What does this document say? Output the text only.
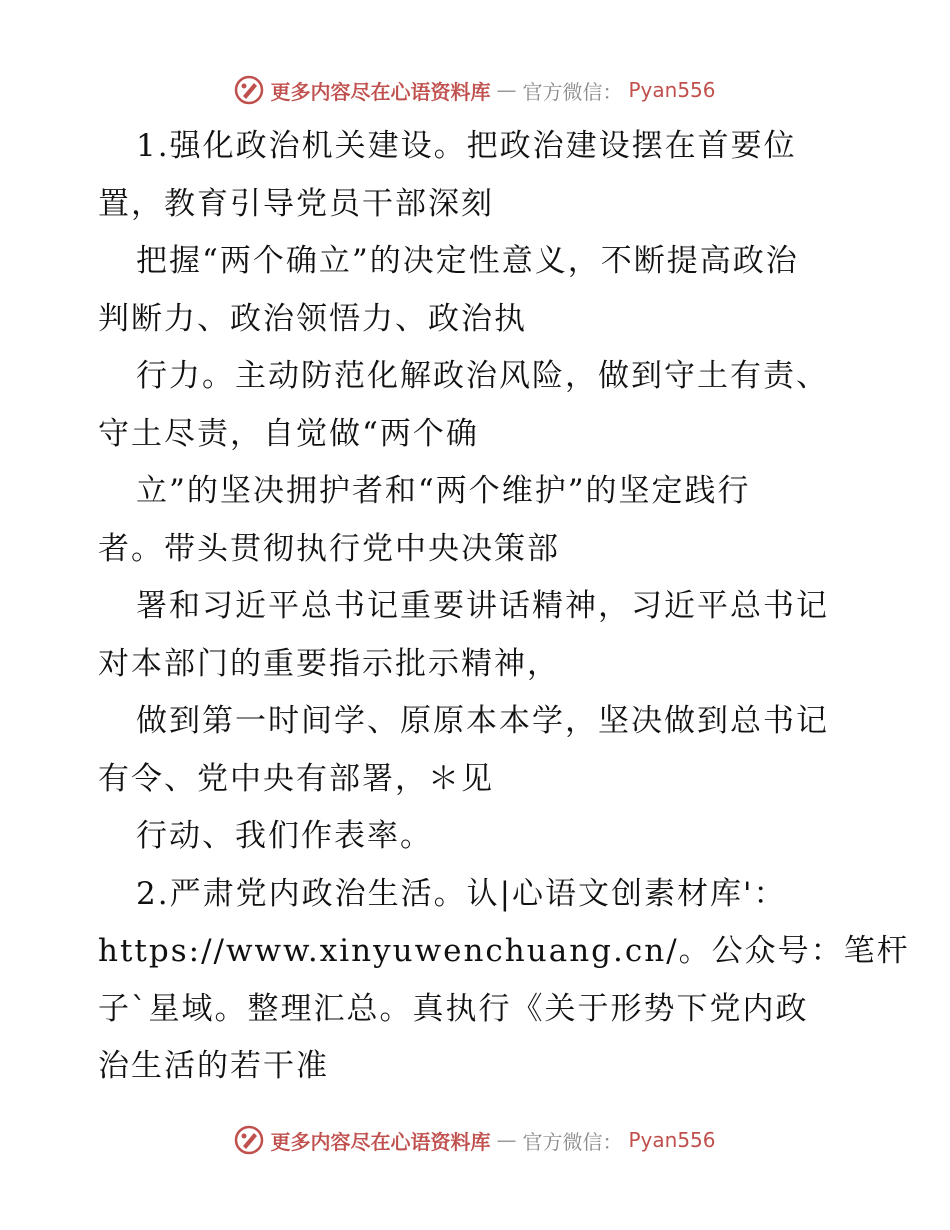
更多内容尽在心语资料库 — 官方微信： Pyan556
1.强化政治机关建设。把政治建设摆在首要位
置，教育引导党员干部深刻
把握“两个确立”的决定性意义，不断提高政治
判断力、政治领悟力、政治执
行力。主动防范化解政治风险，做到守土有责、
守土尽责，自觉做“两个确
立”的坚决拥护者和“两个维护”的坚定践行
者。带头贯彻执行党中央决策部
署和习近平总书记重要讲话精神，习近平总书记
对本部门的重要指示批示精神，
做到第一时间学、原原本本学，坚决做到总书记
有令、党中央有部署，＊见
行动、我们作表率。
2.严肃党内政治生活。认|心语文创素材库'：
https://www.xinyuwenchuang.cn/。公众号：笔杆
子`星域。整理汇总。真执行《关于形势下党内政
治生活的若干准
更多内容尽在心语资料库 — 官方微信： Pyan556
